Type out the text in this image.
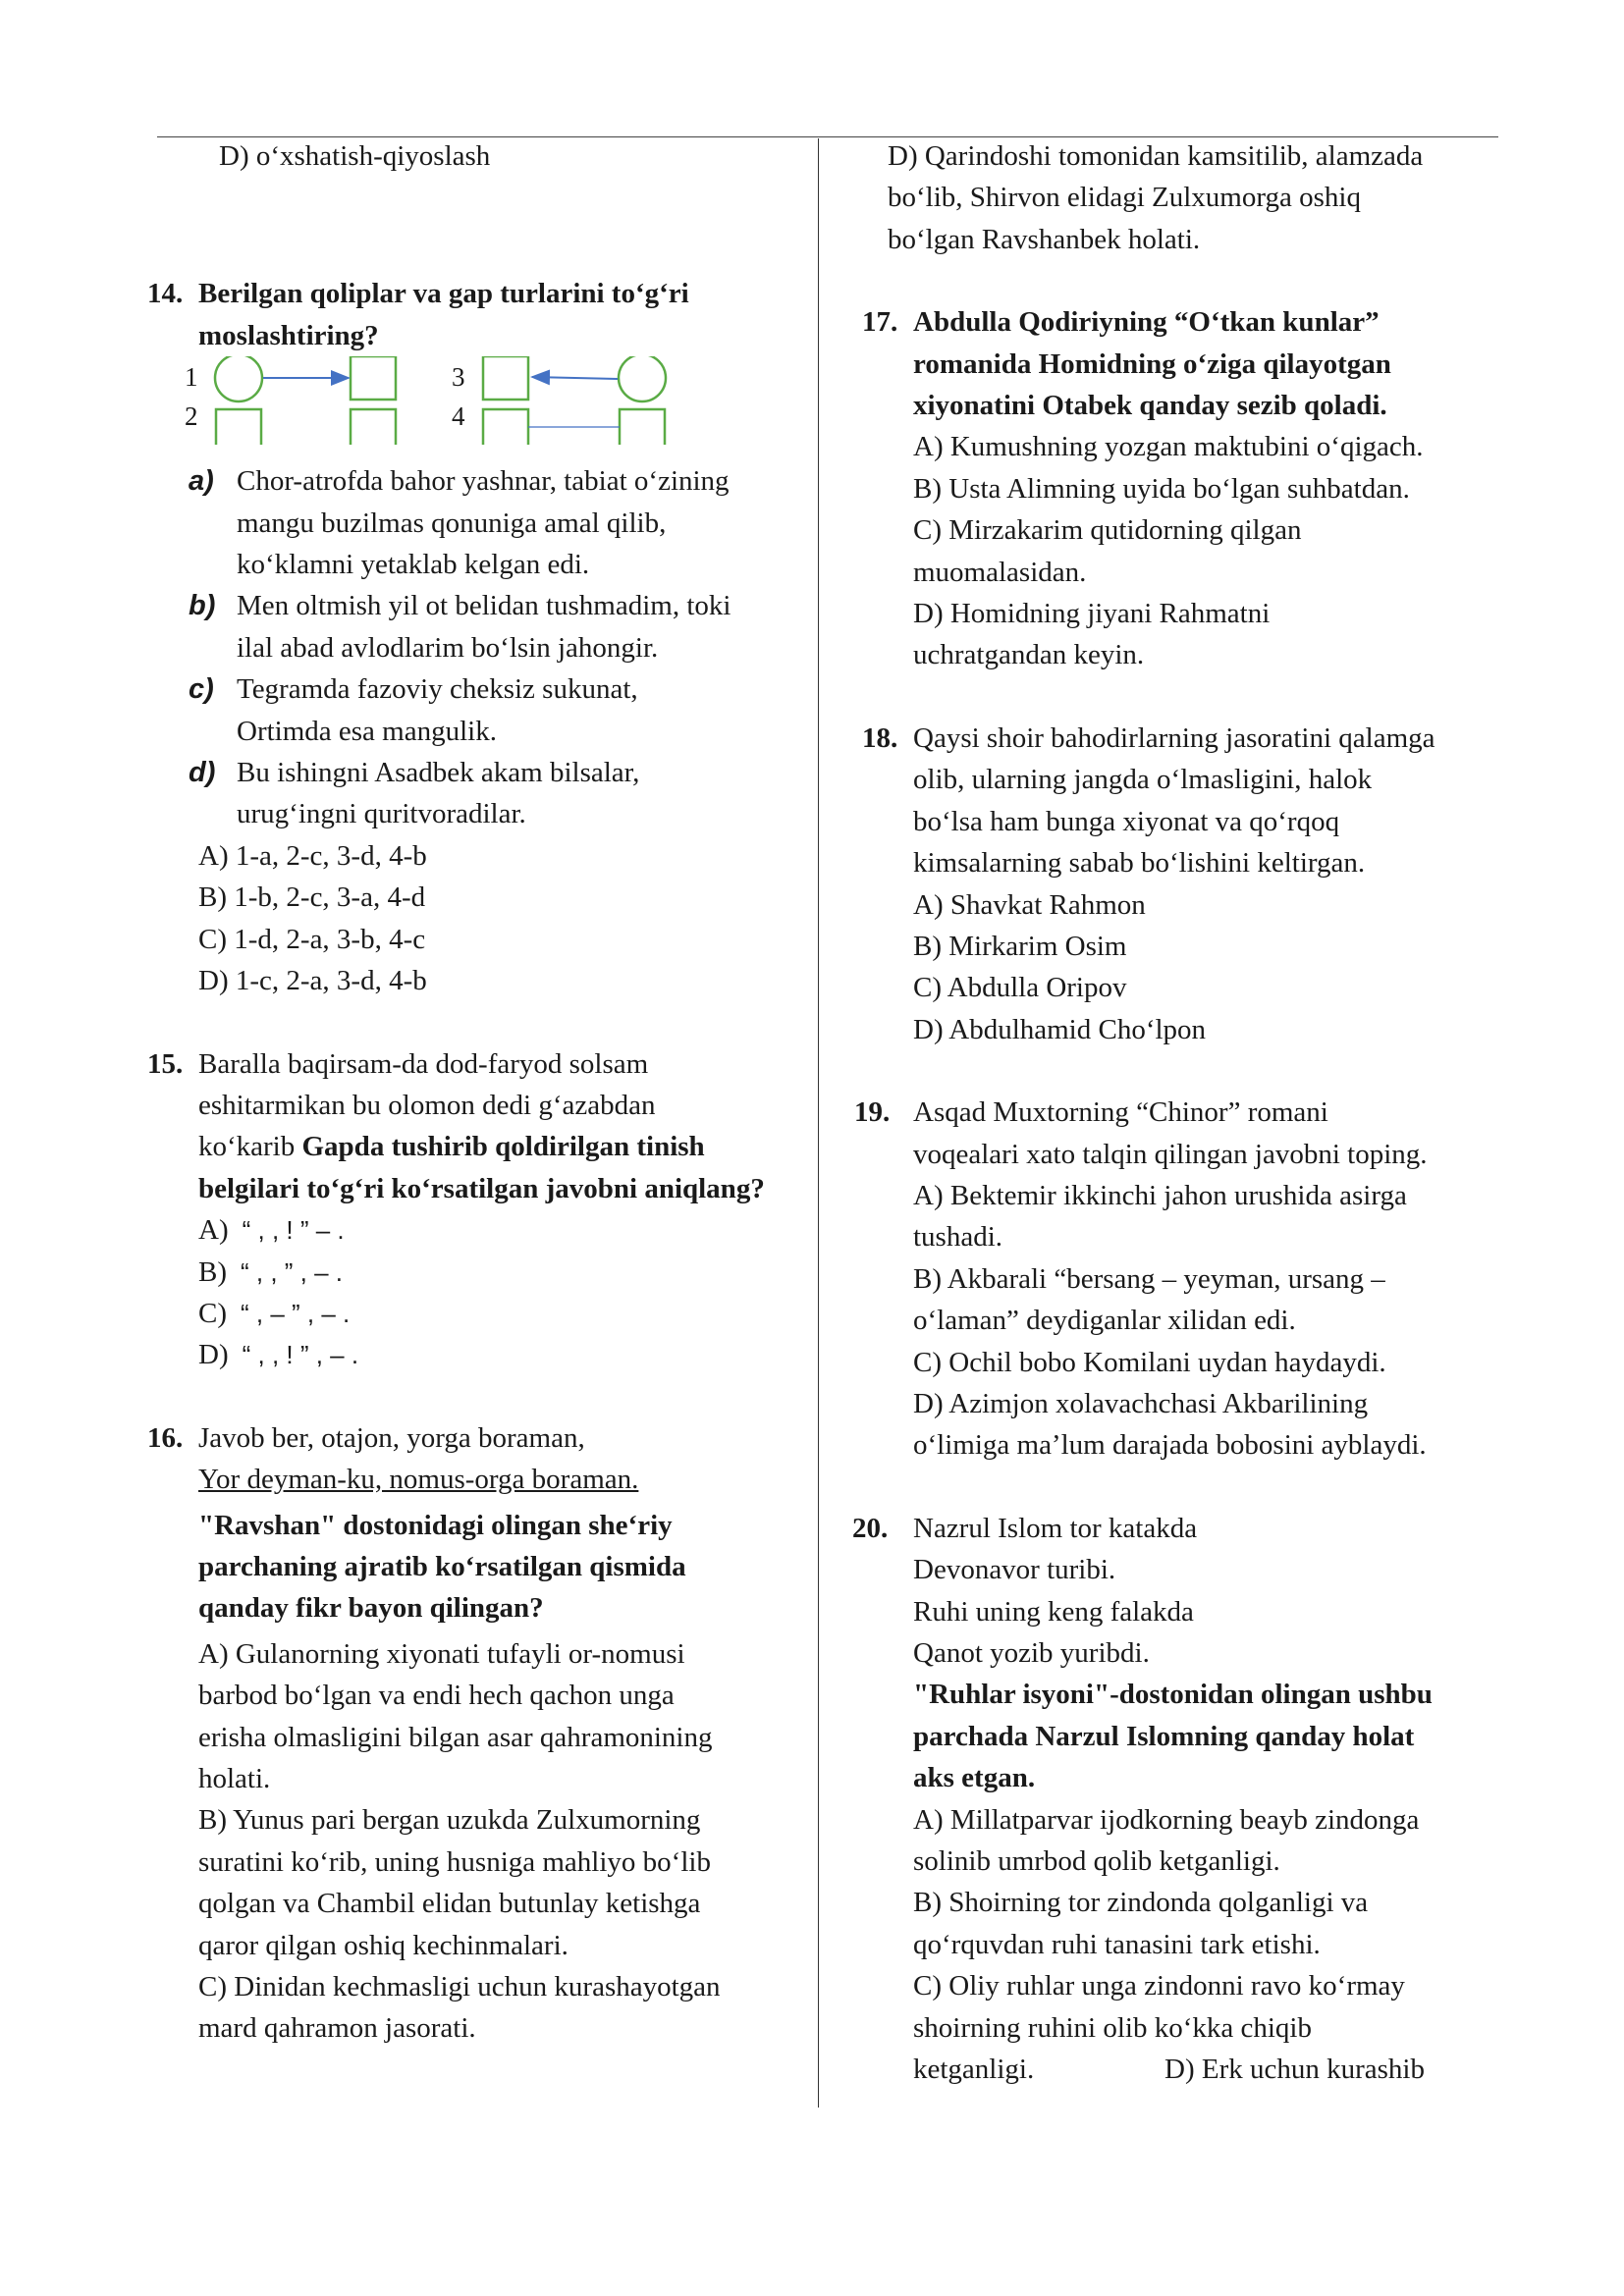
D) o‘xshatish-qiyoslash
14. Berilgan qoliplar va gap turlarini to‘g‘ri
moslashtiring?
1
2
3
4
a) Chor-atrofda bahor yashnar, tabiat o‘zining
mangu buzilmas qonuniga amal qilib,
ko‘klamni yetaklab kelgan edi.
b) Men oltmish yil ot belidan tushmadim, toki
ilal abad avlodlarim bo‘lsin jahongir.
c) Tegramda fazoviy cheksiz sukunat,
Ortimda esa mangulik.
d) Bu ishingni Asadbek akam bilsalar,
urug‘ingni quritvoradilar.
A) 1-a, 2-c, 3-d, 4-b
B) 1-b, 2-c, 3-a, 4-d
C) 1-d, 2-a, 3-b, 4-c
D) 1-c, 2-a, 3-d, 4-b
15. Baralla baqirsam-da dod-faryod solsam
eshitarmikan bu olomon dedi g‘azabdan
ko‘karib Gapda tushirib qoldirilgan tinish
belgilari to‘g‘ri ko‘rsatilgan javobni aniqlang?
A) “ , , ! ” – .
B) “ , , ” , – .
C) “ , – ” , – .
D) “ , , ! ” , – .
16. Javob ber, otajon, yorga boraman,
Yor deyman-ku, nomus-orga boraman.
"Ravshan" dostonidagi olingan she‘riy
parchaning ajratib ko‘rsatilgan qismida
qanday fikr bayon qilingan?
A) Gulanorning xiyonati tufayli or-nomusi
barbod bo‘lgan va endi hech qachon unga
erisha olmasligini bilgan asar qahramonining
holati.
B) Yunus pari bergan uzukda Zulxumorning
suratini ko‘rib, uning husniga mahliyo bo‘lib
qolgan va Chambil elidan butunlay ketishga
qaror qilgan oshiq kechinmalari.
C) Dinidan kechmasligi uchun kurashayotgan
mard qahramon jasorati.
D) Qarindoshi tomonidan kamsitilib, alamzada
bo‘lib, Shirvon elidagi Zulxumorga oshiq
bo‘lgan Ravshanbek holati.
17. Abdulla Qodiriyning “O‘tkan kunlar”
romanida Homidning o‘ziga qilayotgan
xiyonatini Otabek qanday sezib qoladi.
A) Kumushning yozgan maktubini o‘qigach.
B) Usta Alimning uyida bo‘lgan suhbatdan.
C) Mirzakarim qutidorning qilgan
muomalasidan.
D) Homidning jiyani Rahmatni
uchratgandan keyin.
18. Qaysi shoir bahodirlarning jasoratini qalamga
olib, ularning jangda o‘lmasligini, halok
bo‘lsa ham bunga xiyonat va qo‘rqoq
kimsalarning sabab bo‘lishini keltirgan.
A) Shavkat Rahmon
B) Mirkarim Osim
C) Abdulla Oripov
D) Abdulhamid Cho‘lpon
19. Asqad Muxtorning “Chinor” romani
voqealari xato talqin qilingan javobni toping.
A) Bektemir ikkinchi jahon urushida asirga
tushadi.
B) Akbarali “bersang – yeyman, ursang –
o‘laman” deydiganlar xilidan edi.
C) Ochil bobo Komilani uydan haydaydi.
D) Azimjon xolavachchasi Akbarilining
o‘limiga ma’lum darajada bobosini ayblaydi.
20. Nazrul Islom tor katakda
Devonavor turibi.
Ruhi uning keng falakda
Qanot yozib yuribdi.
"Ruhlar isyoni"-dostonidan olingan ushbu
parchada Narzul Islomning qanday holat
aks etgan.
A) Millatparvar ijodkorning beayb zindonga
solinib umrbod qolib ketganligi.
B) Shoirning tor zindonda qolganligi va
qo‘rquvdan ruhi tanasini tark etishi.
C) Oliy ruhlar unga zindonni ravo ko‘rmay
shoirning ruhini olib ko‘kka chiqib
ketganligi.	D) Erk uchun kurashib
